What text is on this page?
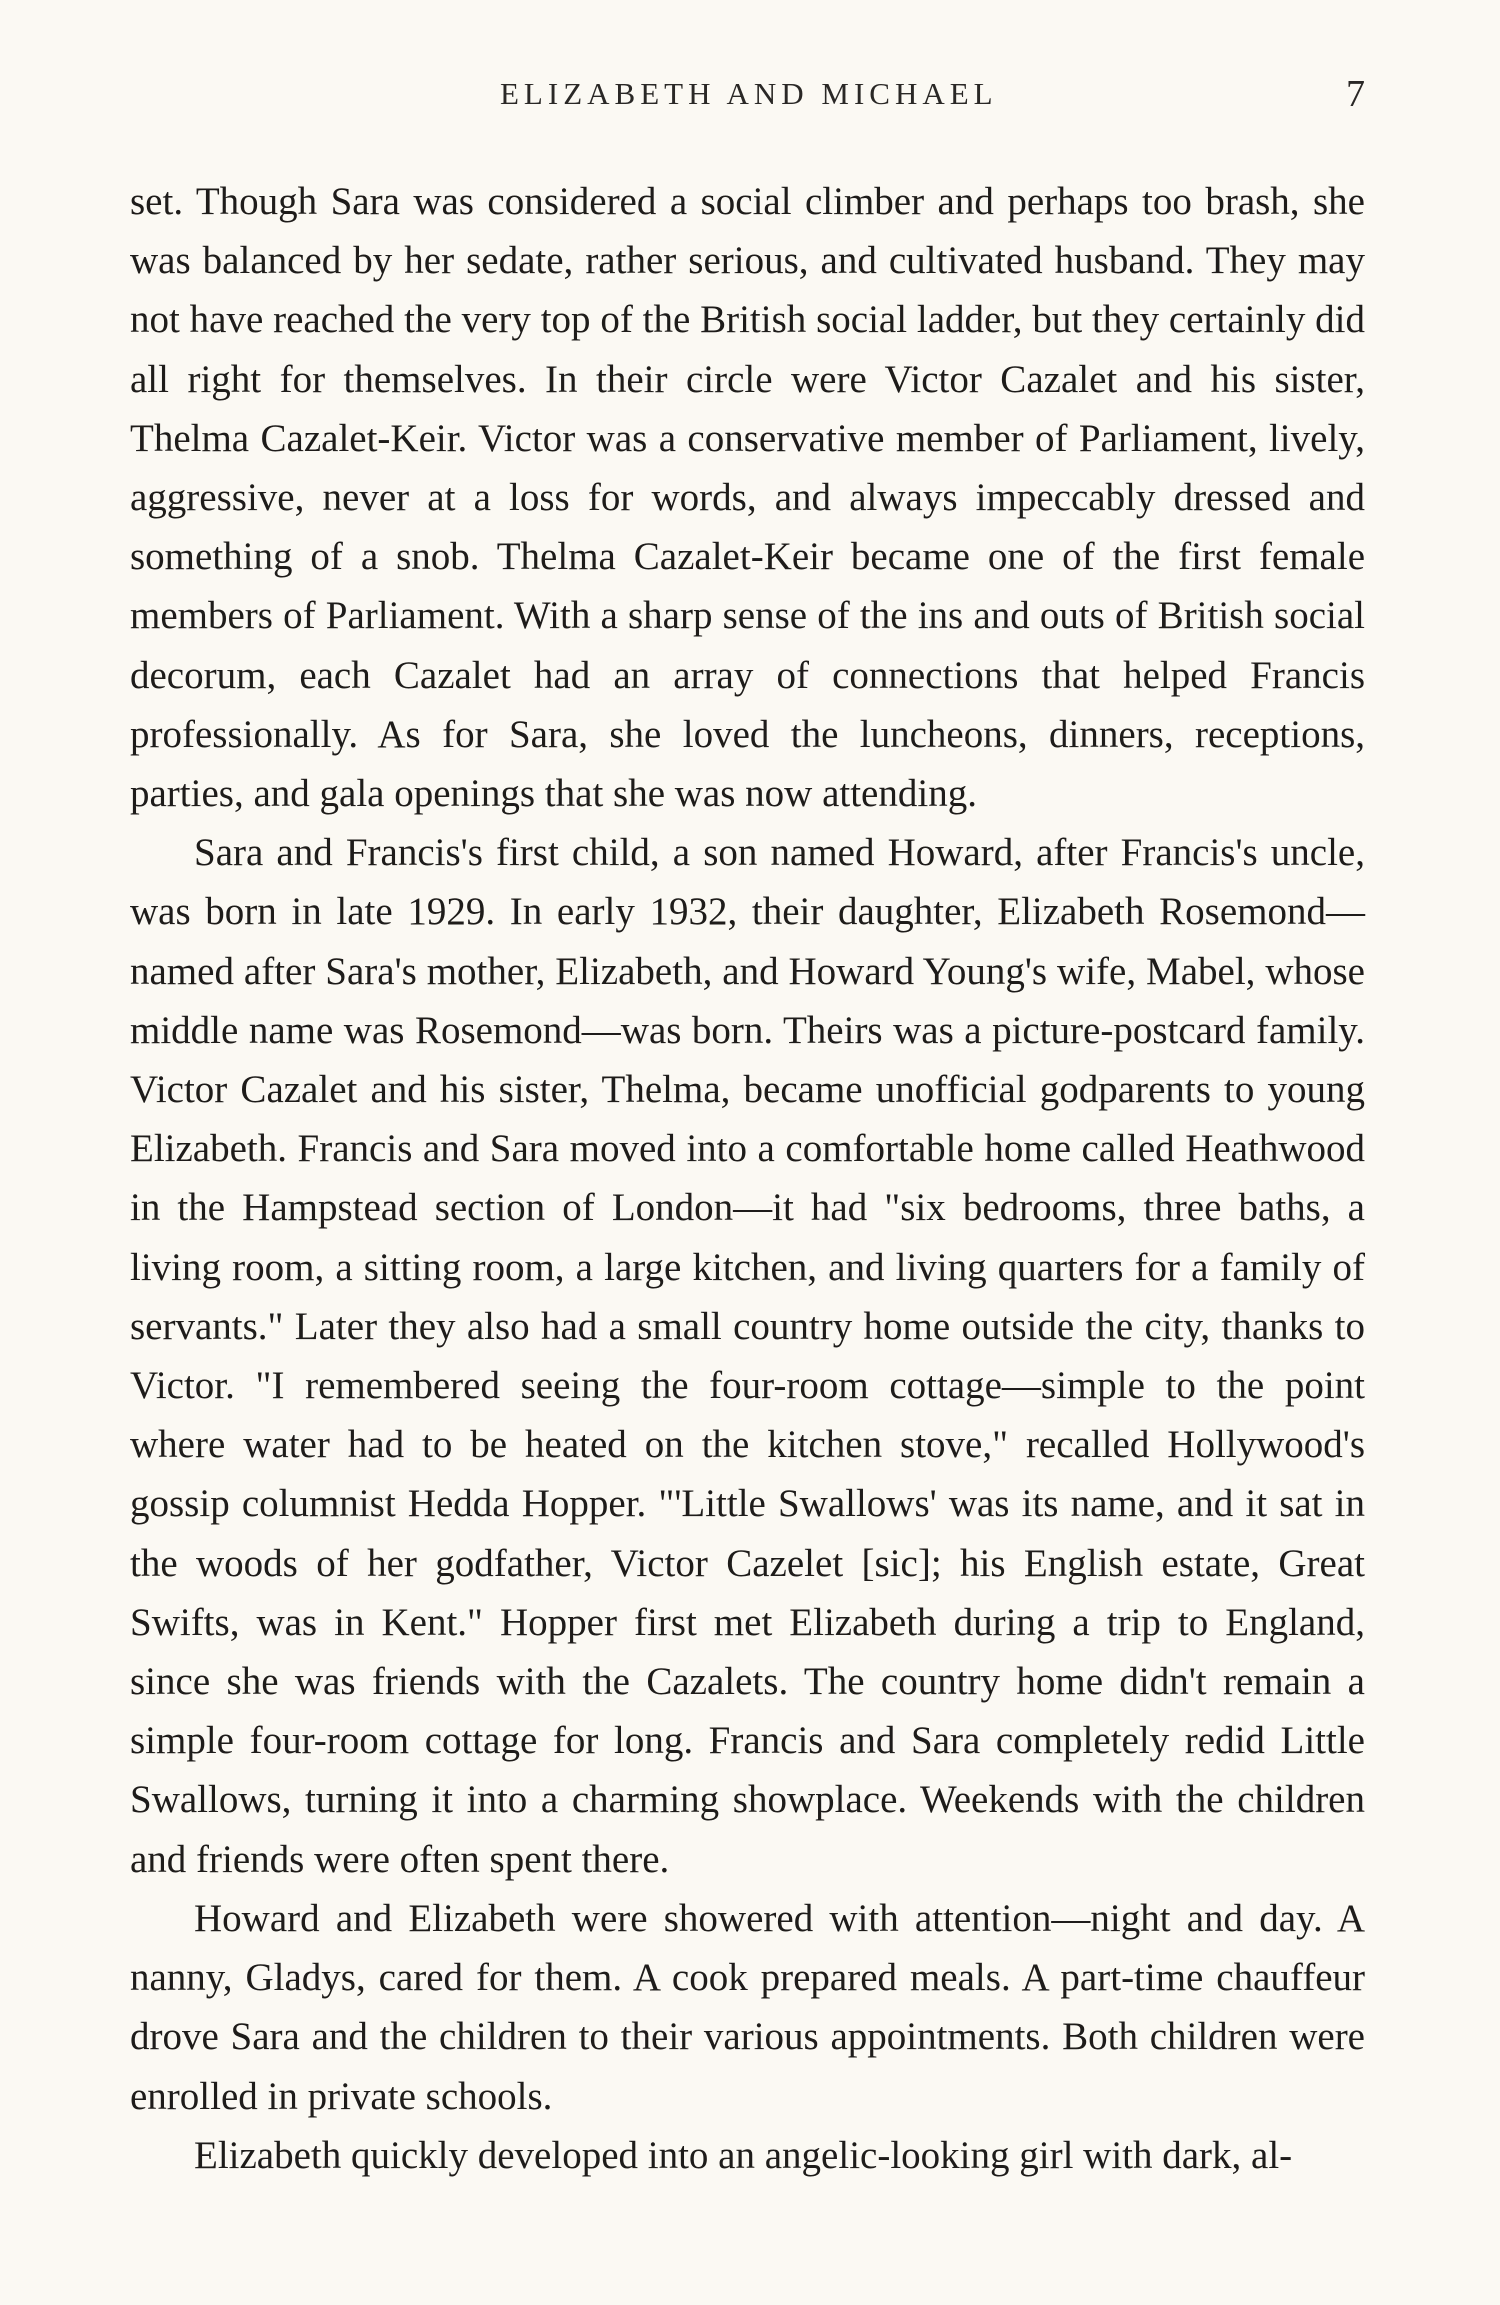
ELIZABETH AND MICHAEL	7

set. Though Sara was considered a social climber and perhaps too brash, she was balanced by her sedate, rather serious, and cultivated husband. They may not have reached the very top of the British social ladder, but they certainly did all right for themselves. In their circle were Victor Cazalet and his sister, Thelma Cazalet-Keir. Victor was a conservative member of Parliament, lively, aggressive, never at a loss for words, and always impeccably dressed and something of a snob. Thelma Cazalet-Keir became one of the first female members of Parliament. With a sharp sense of the ins and outs of British social decorum, each Cazalet had an array of connections that helped Francis professionally. As for Sara, she loved the luncheons, dinners, receptions, parties, and gala openings that she was now attending.

Sara and Francis's first child, a son named Howard, after Francis's uncle, was born in late 1929. In early 1932, their daughter, Elizabeth Rosemond—named after Sara's mother, Elizabeth, and Howard Young's wife, Mabel, whose middle name was Rosemond—was born. Theirs was a picture-postcard family. Victor Cazalet and his sister, Thelma, became unofficial godparents to young Elizabeth. Francis and Sara moved into a comfortable home called Heathwood in the Hampstead section of London—it had "six bedrooms, three baths, a living room, a sitting room, a large kitchen, and living quarters for a family of servants." Later they also had a small country home outside the city, thanks to Victor. "I remembered seeing the four-room cottage—simple to the point where water had to be heated on the kitchen stove," recalled Hollywood's gossip columnist Hedda Hopper. "'Little Swallows' was its name, and it sat in the woods of her godfather, Victor Cazelet [sic]; his English estate, Great Swifts, was in Kent." Hopper first met Elizabeth during a trip to England, since she was friends with the Cazalets. The country home didn't remain a simple four-room cottage for long. Francis and Sara completely redid Little Swallows, turning it into a charming showplace. Weekends with the children and friends were often spent there.

Howard and Elizabeth were showered with attention—night and day. A nanny, Gladys, cared for them. A cook prepared meals. A part-time chauffeur drove Sara and the children to their various appointments. Both children were enrolled in private schools.

Elizabeth quickly developed into an angelic-looking girl with dark, al-
